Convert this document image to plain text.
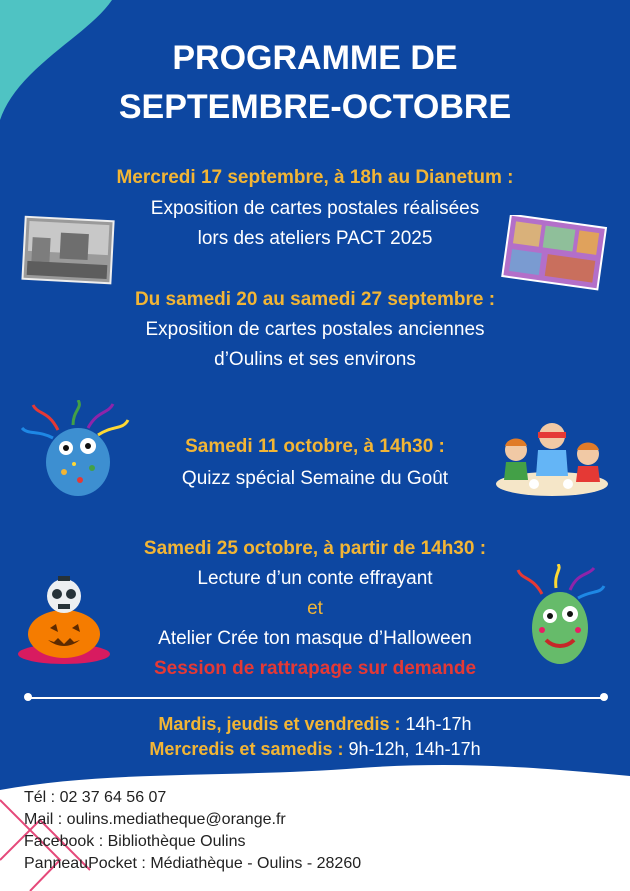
PROGRAMME DE
SEPTEMBRE-OCTOBRE
Mercredi 17 septembre, à 18h au Dianetum :
Exposition de cartes postales réalisées
lors des ateliers PACT 2025
Du samedi 20 au samedi 27 septembre :
Exposition de cartes postales anciennes
d’Oulins et ses environs
Samedi 11 octobre, à 14h30 :
Quizz spécial Semaine du Goût
Samedi 25 octobre, à partir de 14h30 :
Lecture d’un conte effrayant
et
Atelier Crée ton masque d’Halloween
Session de rattrapage sur demande
Mardis, jeudis et vendredis : 14h-17h
Mercredis et samedis : 9h-12h, 14h-17h
Tél : 02 37 64 56 07
Mail : oulins.mediatheque@orange.fr
Facebook : Bibliothèque Oulins
PanneauPocket : Médiathèque - Oulins - 28260
